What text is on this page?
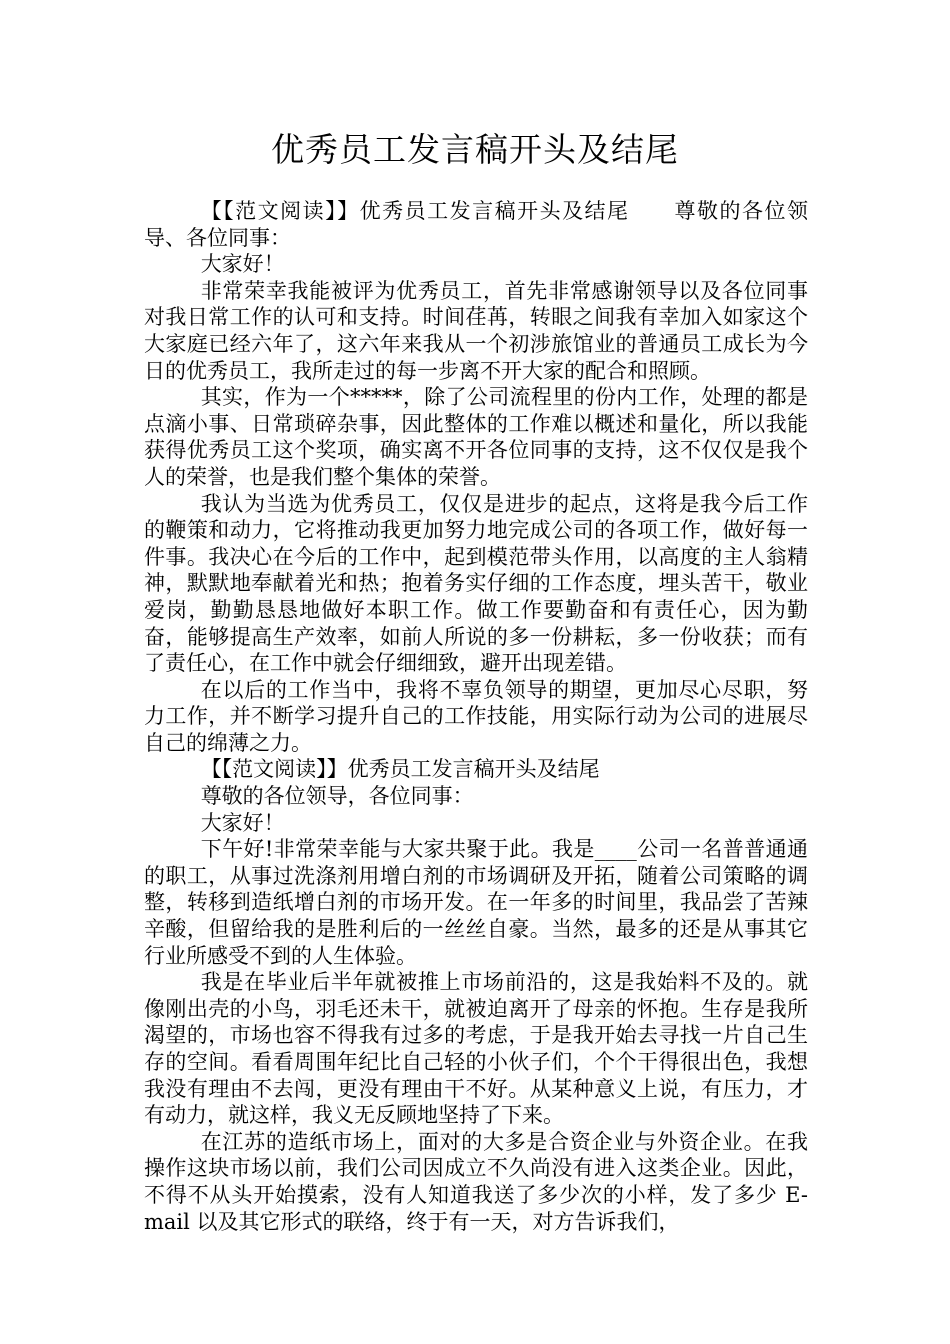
优秀员工发言稿开头及结尾

【【范文阅读】】优秀员工发言稿开头及结尾　　尊敬的各位领导、各位同事：

大家好！

非常荣幸我能被评为优秀员工，首先非常感谢领导以及各位同事对我日常工作的认可和支持。时间荏苒，转眼之间我有幸加入如家这个大家庭已经六年了，这六年来我从一个初涉旅馆业的普通员工成长为今日的优秀员工，我所走过的每一步离不开大家的配合和照顾。

其实，作为一个*****，除了公司流程里的份内工作，处理的都是点滴小事、日常琐碎杂事，因此整体的工作难以概述和量化，所以我能获得优秀员工这个奖项，确实离不开各位同事的支持，这不仅仅是我个人的荣誉，也是我们整个集体的荣誉。

我认为当选为优秀员工，仅仅是进步的起点，这将是我今后工作的鞭策和动力，它将推动我更加努力地完成公司的各项工作，做好每一件事。我决心在今后的工作中，起到模范带头作用，以高度的主人翁精神，默默地奉献着光和热；抱着务实仔细的工作态度，埋头苦干，敬业爱岗，勤勤恳恳地做好本职工作。做工作要勤奋和有责任心，因为勤奋，能够提高生产效率，如前人所说的多一份耕耘，多一份收获；而有了责任心，在工作中就会仔细细致，避开出现差错。

在以后的工作当中，我将不辜负领导的期望，更加尽心尽职，努力工作，并不断学习提升自己的工作技能，用实际行动为公司的进展尽自己的绵薄之力。

【【范文阅读】】优秀员工发言稿开头及结尾

尊敬的各位领导，各位同事：

大家好！

下午好!非常荣幸能与大家共聚于此。我是____公司一名普普通通的职工，从事过洗涤剂用增白剂的市场调研及开拓，随着公司策略的调整，转移到造纸增白剂的市场开发。在一年多的时间里，我品尝了苦辣辛酸，但留给我的是胜利后的一丝丝自豪。当然，最多的还是从事其它行业所感受不到的人生体验。

我是在毕业后半年就被推上市场前沿的，这是我始料不及的。就像刚出壳的小鸟，羽毛还未干，就被迫离开了母亲的怀抱。生存是我所渴望的，市场也容不得我有过多的考虑，于是我开始去寻找一片自己生存的空间。看看周围年纪比自己轻的小伙子们，个个干得很出色，我想我没有理由不去闯，更没有理由干不好。从某种意义上说，有压力，才有动力，就这样，我义无反顾地坚持了下来。

在江苏的造纸市场上，面对的大多是合资企业与外资企业。在我操作这块市场以前，我们公司因成立不久尚没有进入这类企业。因此，不得不从头开始摸索，没有人知道我送了多少次的小样，发了多少 E-mail 以及其它形式的联络，终于有一天，对方告诉我们，
